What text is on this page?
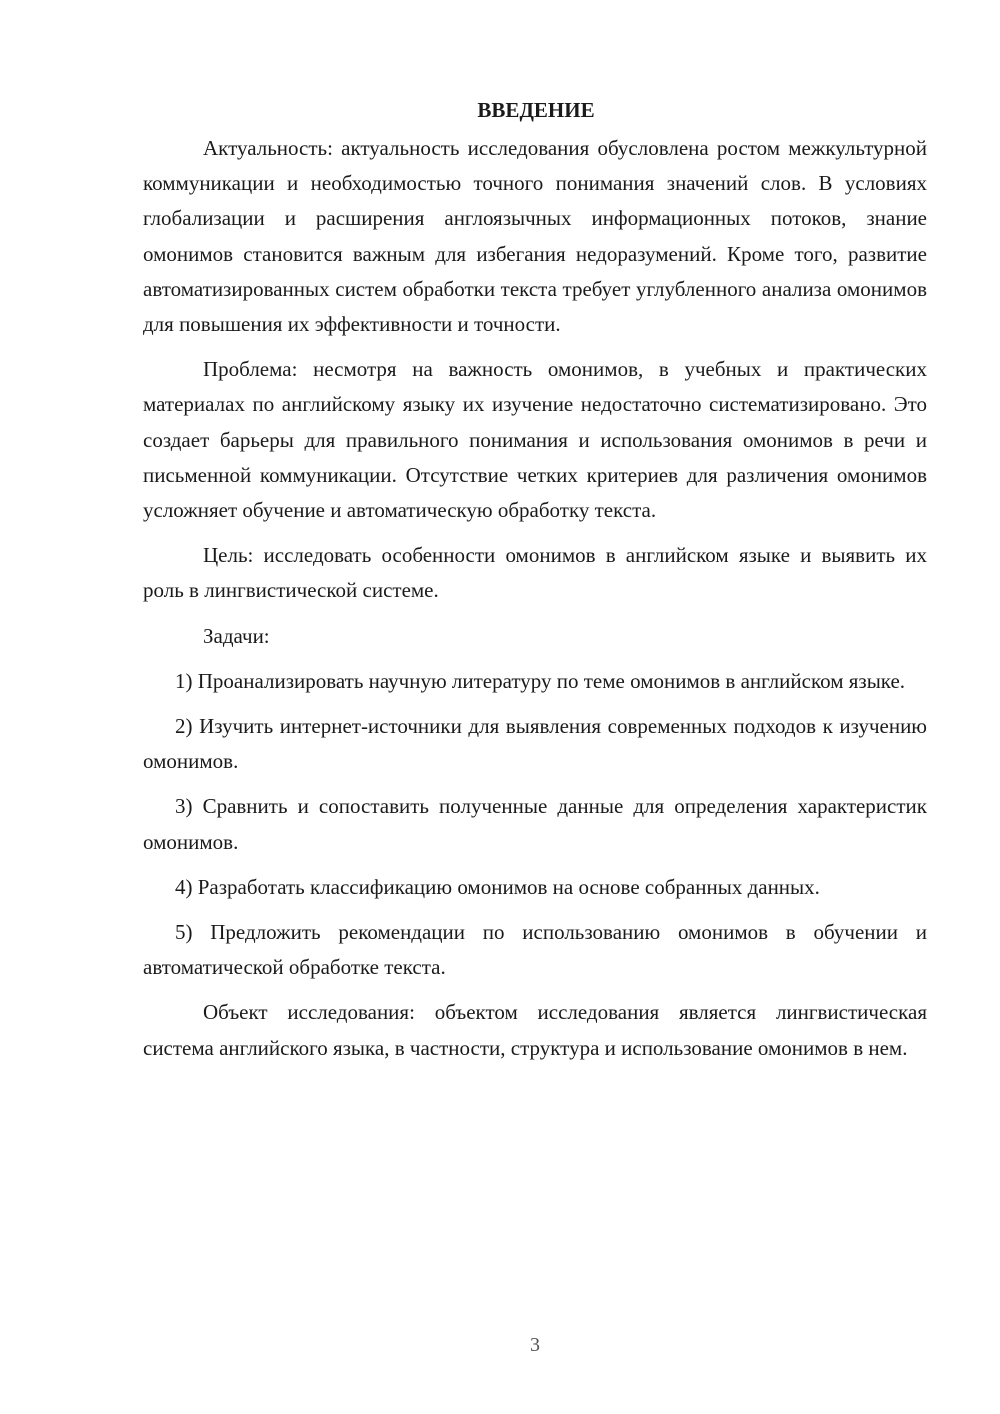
ВВЕДЕНИЕ

Актуальность: актуальность исследования обусловлена ростом межкультурной коммуникации и необходимостью точного понимания значений слов. В условиях глобализации и расширения англоязычных информационных потоков, знание омонимов становится важным для избегания недоразумений. Кроме того, развитие автоматизированных систем обработки текста требует углубленного анализа омонимов для повышения их эффективности и точности.

Проблема: несмотря на важность омонимов, в учебных и практических материалах по английскому языку их изучение недостаточно систематизировано. Это создает барьеры для правильного понимания и использования омонимов в речи и письменной коммуникации. Отсутствие четких критериев для различения омонимов усложняет обучение и автоматическую обработку текста.

Цель: исследовать особенности омонимов в английском языке и выявить их роль в лингвистической системе.

Задачи:

1) Проанализировать научную литературу по теме омонимов в английском языке.

2) Изучить интернет-источники для выявления современных подходов к изучению омонимов.

3) Сравнить и сопоставить полученные данные для определения характеристик омонимов.

4) Разработать классификацию омонимов на основе собранных данных.

5) Предложить рекомендации по использованию омонимов в обучении и автоматической обработке текста.

Объект исследования: объектом исследования является лингвистическая система английского языка, в частности, структура и использование омонимов в нем.

3
